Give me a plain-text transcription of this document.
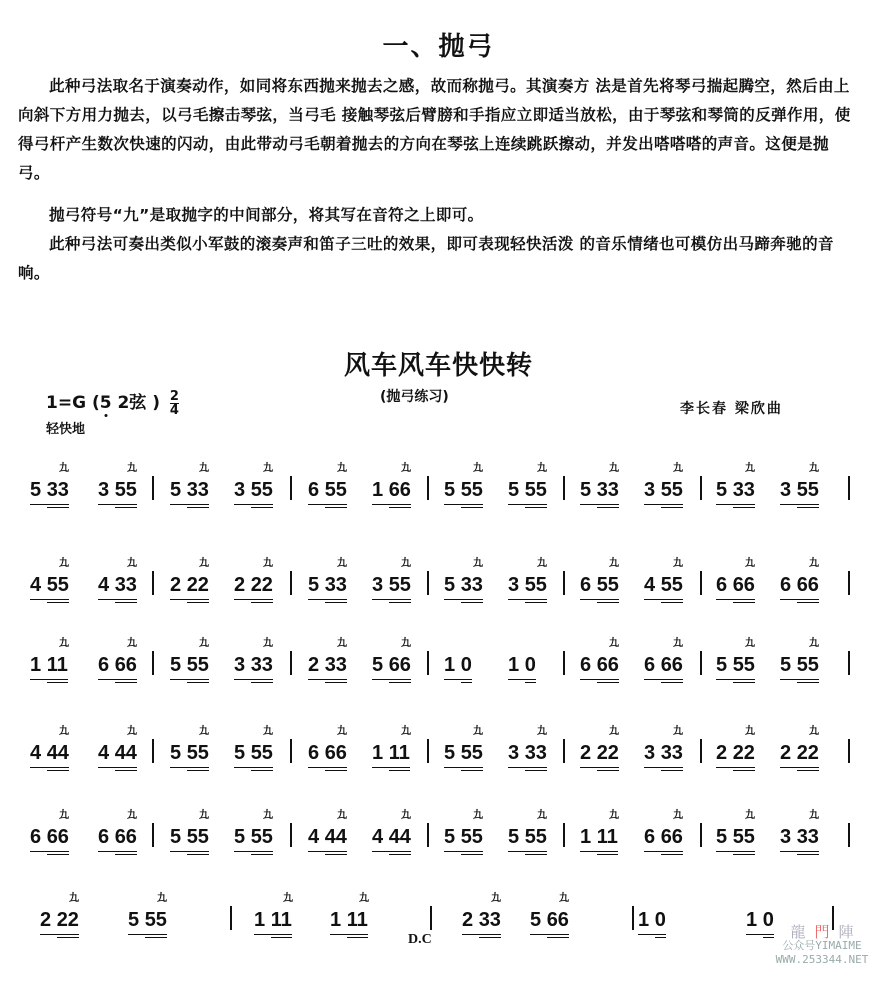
一、抛弓
此种弓法取名于演奏动作，如同将东西抛来抛去之感，故而称抛弓。其演奏方 法是首先将琴弓揣起腾空，然后由上向斜下方用力抛去，以弓毛擦击琴弦，当弓毛 接触琴弦后臂膀和手指应立即适当放松，由于琴弦和琴筒的反弹作用，使得弓杆产生数次快速的闪动，由此带动弓毛朝着抛去的方向在琴弦上连续跳跃擦动，并发出嗒嗒嗒的声音。这便是抛弓。
抛弓符号“九”是取抛字的中间部分，将其写在音符之上即可。
此种弓法可奏出类似小军鼓的滚奏声和笛子三吐的效果，即可表现轻快活泼 的音乐情绪也可模仿出马蹄奔驰的音响。
风车风车快快转
(抛弓练习)
李长春 梁欣曲
1=G (5 2弦 ) $\frac{2}{4}$
轻快地
5 33
九
⁀
3 55
九
⁀
5 33
九
⁀
3 55
九
⁀
6 55
九
⁀
1 66
九
⁀
5 55
九
⁀
5 55
九
⁀
5 33
九
⁀
3 55
九
⁀
5 33
九
⁀
3 55
九
⁀
4 55
九
⁀
4 33
九
⁀
2 22
九
⁀
2 22
九
⁀
5 33
九
⁀
3 55
九
⁀
5 33
九
⁀
3 55
九
⁀
6 55
九
⁀
4 55
九
⁀
6 66
九
⁀
6 66
九
⁀
1 11
九
⁀
6 66
九
⁀
5 55
九
⁀
3 33
九
⁀
2 33
九
⁀
5 66
九
⁀
1 0 1 0 6 66
九
⁀
6 66
九
⁀
5 55
九
⁀
5 55
九
⁀
4 44
九
⁀
4 44
九
⁀
5 55
九
⁀
5 55
九
⁀
6 66
九
⁀
1 11
九
⁀
5 55
九
⁀
3 33
九
⁀
2 22
九
⁀
3 33
九
⁀
2 22
九
⁀
2 22
九
⁀
6 66
九
⁀
6 66
九
⁀
5 55
九
⁀
5 55
九
⁀
4 44
九
⁀
4 44
九
⁀
5 55
九
⁀
5 55
九
⁀
1 11
九
⁀
6 66
九
⁀
5 55
九
⁀
3 33
九
⁀
2 22
九
⁀
5 55
九
⁀
1 11
九
⁀
1 11
九
⁀
2 33
九
⁀
5 66
九
⁀
1 0	1 0
D.C	龍 門 陣
公众号YIMAIME
WWW.253344.NET
